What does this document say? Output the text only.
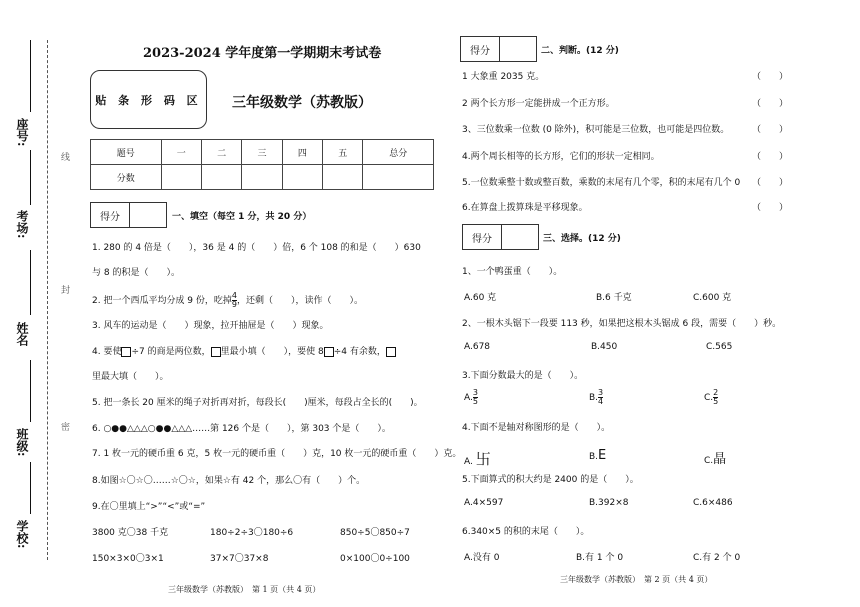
座号:
考场:
姓名
班级:
学校:
线
封
密
2023-2024 学年度第一学期期末考试卷
贴 条 形 码 区	三年级数学（苏教版）
题号	一	二	三	四	五	总分
分数						
得分	一、填空（每空 1 分，共 20 分）
1. 280 的 4 倍是（　　），36 是 4 的（　　）倍，6 个 108 的和是（　　）630
与 8 的积是（　　）。
2. 把一个西瓜平均分成 9 份，吃掉 $\frac{4}{9}$ ，还剩（　　），读作（　　）。
3. 风车的运动是（　　）现象，拉开抽屉是（　　）现象。
4. 要使 ÷7 的商是两位数， 里最小填（　　），要使 8 ÷4 有余数，
里最大填（　　）。
5. 把一条长 20 厘米的绳子对折再对折，每段长(　　)厘米，每段占全长的(　　)。
6. ○●●△△△○●●△△△……第 126 个是（　　），第 303 个是（　　）。
7. 1 枚一元的硬币重 6 克，5 枚一元的硬币重（　　）克，10 枚一元的硬币重（　　）克。
8.如图☆〇☆〇……☆〇☆，如果☆有 42 个，那么〇有（　　）个。
9.在〇里填上“>”“<”或“=”
3800 克〇38 千克	180÷2÷3〇180÷6	850÷5〇850÷7
150×3×0〇3×1	37×7〇37×8	0×100〇0÷100
三年级数学（苏教版）　第 1 页（共 4 页）
得分	二、判断。(12 分)
1 大象重 2035 克。	（　　）
2 两个长方形一定能拼成一个正方形。	（　　）
3、三位数乘一位数 (0 除外)，积可能是三位数，也可能是四位数。	（　　）
4.两个周长相等的长方形，它们的形状一定相同。	（　　）
5.一位数乘整十数或整百数，乘数的末尾有几个零，积的末尾有几个 0 （　　）
6.在算盘上拨算珠是平移现象。	（　　）
得分	三、选择。(12 分)
1、一个鸭蛋重（　　）。
A.60 克	B.6 千克	C.600 克
2、一根木头锯下一段要 113 秒，如果把这根木头锯成 6 段，需要（　　）秒。
A.678	B.450	C.565
3.下面分数最大的是（　　）。
A. $\frac{3}{5}$	B. $\frac{3}{4}$	C. $\frac{2}{5}$
4.下面不是轴对称图形的是（　　）。
A. 卐	B.E	C.晶
5.下面算式的积大约是 2400 的是（　　）。
A.4×597	B.392×8	C.6×486
6.340×5 的积的末尾（　　）。
A.没有 0	B.有 1 个 0	C.有 2 个 0
三年级数学（苏教版）　第 2 页（共 4 页）
